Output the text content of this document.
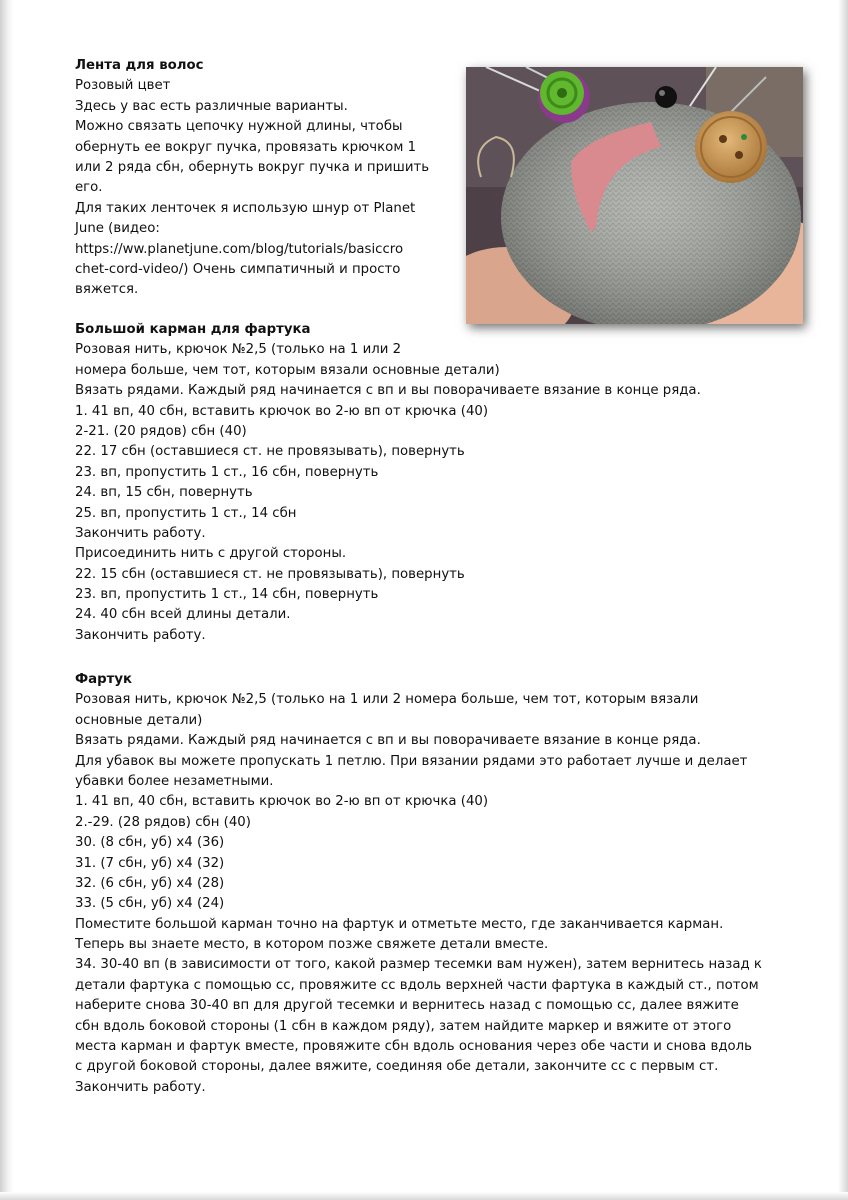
Лента для волос
Розовый цвет
Здесь у вас есть различные варианты.
Можно связать цепочку нужной длины, чтобы
обернуть ее вокруг пучка, провязать крючком 1
или 2 ряда сбн, обернуть вокруг пучка и пришить
его.
Для таких ленточек я использую шнур от Planet
June (видео:
https://ww.planetjune.com/blog/tutorials/basiccro
chet-cord-video/) Очень симпатичный и просто
вяжется.
Большой карман для фартука
Розовая нить, крючок №2,5 (только на 1 или 2
номера больше, чем тот, которым вязали основные детали)
Вязать рядами. Каждый ряд начинается с вп и вы поворачиваете вязание в конце ряда.
1. 41 вп, 40 сбн, вставить крючок во 2-ю вп от крючка (40)
2-21. (20 рядов) сбн (40)
22. 17 сбн (оставшиеся ст. не провязывать), повернуть
23. вп, пропустить 1 ст., 16 сбн, повернуть
24. вп, 15 сбн, повернуть
25. вп, пропустить 1 ст., 14 сбн
Закончить работу.
Присоединить нить с другой стороны.
22. 15 сбн (оставшиеся ст. не провязывать), повернуть
23. вп, пропустить 1 ст., 14 сбн, повернуть
24. 40 сбн всей длины детали.
Закончить работу.
Фартук
Розовая нить, крючок №2,5 (только на 1 или 2 номера больше, чем тот, которым вязали
основные детали)
Вязать рядами. Каждый ряд начинается с вп и вы поворачиваете вязание в конце ряда.
Для убавок вы можете пропускать 1 петлю. При вязании рядами это работает лучше и делает
убавки более незаметными.
1. 41 вп, 40 сбн, вставить крючок во 2-ю вп от крючка (40)
2.-29. (28 рядов) сбн (40)
30. (8 сбн, уб) х4 (36)
31. (7 сбн, уб) х4 (32)
32. (6 сбн, уб) х4 (28)
33. (5 сбн, уб) х4 (24)
Поместите большой карман точно на фартук и отметьте место, где заканчивается карман.
Теперь вы знаете место, в котором позже свяжете детали вместе.
34. 30-40 вп (в зависимости от того, какой размер тесемки вам нужен), затем вернитесь назад к
детали фартука с помощью сс, провяжите сс вдоль верхней части фартука в каждый ст., потом
наберите снова 30-40 вп для другой тесемки и вернитесь назад с помощью сс, далее вяжите
сбн вдоль боковой стороны (1 сбн в каждом ряду), затем найдите маркер и вяжите от этого
места карман и фартук вместе, провяжите сбн вдоль основания через обе части и снова вдоль
с другой боковой стороны, далее вяжите, соединяя обе детали, закончите сс с первым ст.
Закончить работу.
